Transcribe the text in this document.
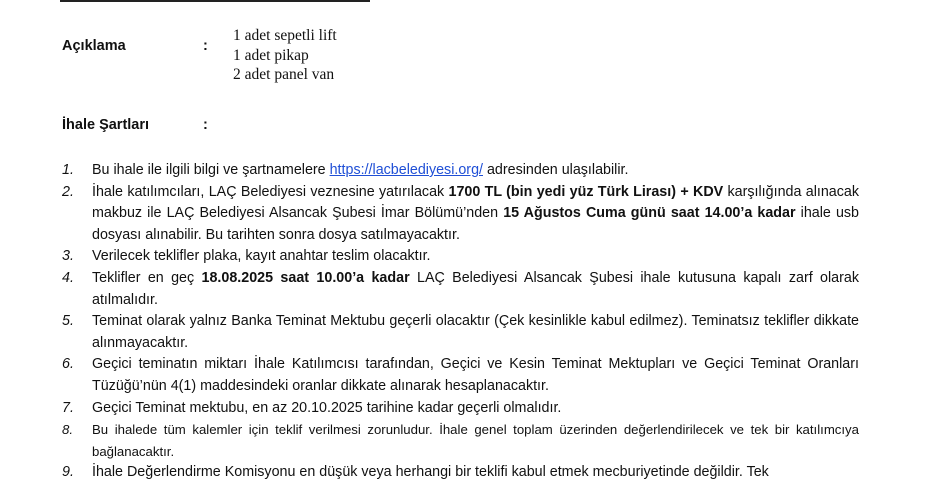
Açıklama	:
1 adet sepetli lift
1 adet pikap
2 adet panel van
İhale Şartları	:
1. Bu ihale ile ilgili bilgi ve şartnamelere https://lacbelediyesi.org/ adresinden ulaşılabilir.
2. İhale katılımcıları, LAÇ Belediyesi veznesine yatırılacak 1700 TL (bin yedi yüz Türk Lirası) + KDV karşılığında alınacak makbuz ile LAÇ Belediyesi Alsancak Şubesi İmar Bölümü’nden 15 Ağustos Cuma günü saat 14.00’a kadar ihale usb dosyası alınabilir. Bu tarihten sonra dosya satılmayacaktır.
3. Verilecek teklifler plaka, kayıt anahtar teslim olacaktır.
4. Teklifler en geç 18.08.2025 saat 10.00’a kadar LAÇ Belediyesi Alsancak Şubesi ihale kutusuna kapalı zarf olarak atılmalıdır.
5. Teminat olarak yalnız Banka Teminat Mektubu geçerli olacaktır (Çek kesinlikle kabul edilmez). Teminatsız teklifler dikkate alınmayacaktır.
6. Geçici teminatın miktarı İhale Katılımcısı tarafından, Geçici ve Kesin Teminat Mektupları ve Geçici Teminat Oranları Tüzüğü’nün 4(1) maddesindeki oranlar dikkate alınarak hesaplanacaktır.
7. Geçici Teminat mektubu, en az 20.10.2025 tarihine kadar geçerli olmalıdır.
8. Bu ihalede tüm kalemler için teklif verilmesi zorunludur. İhale genel toplam üzerinden değerlendirilecek ve tek bir katılımcıya bağlanacaktır.
9. İhale Değerlendirme Komisyonu en düşük veya herhangi bir teklifi kabul etmek mecburiyetinde değildir. Tek
